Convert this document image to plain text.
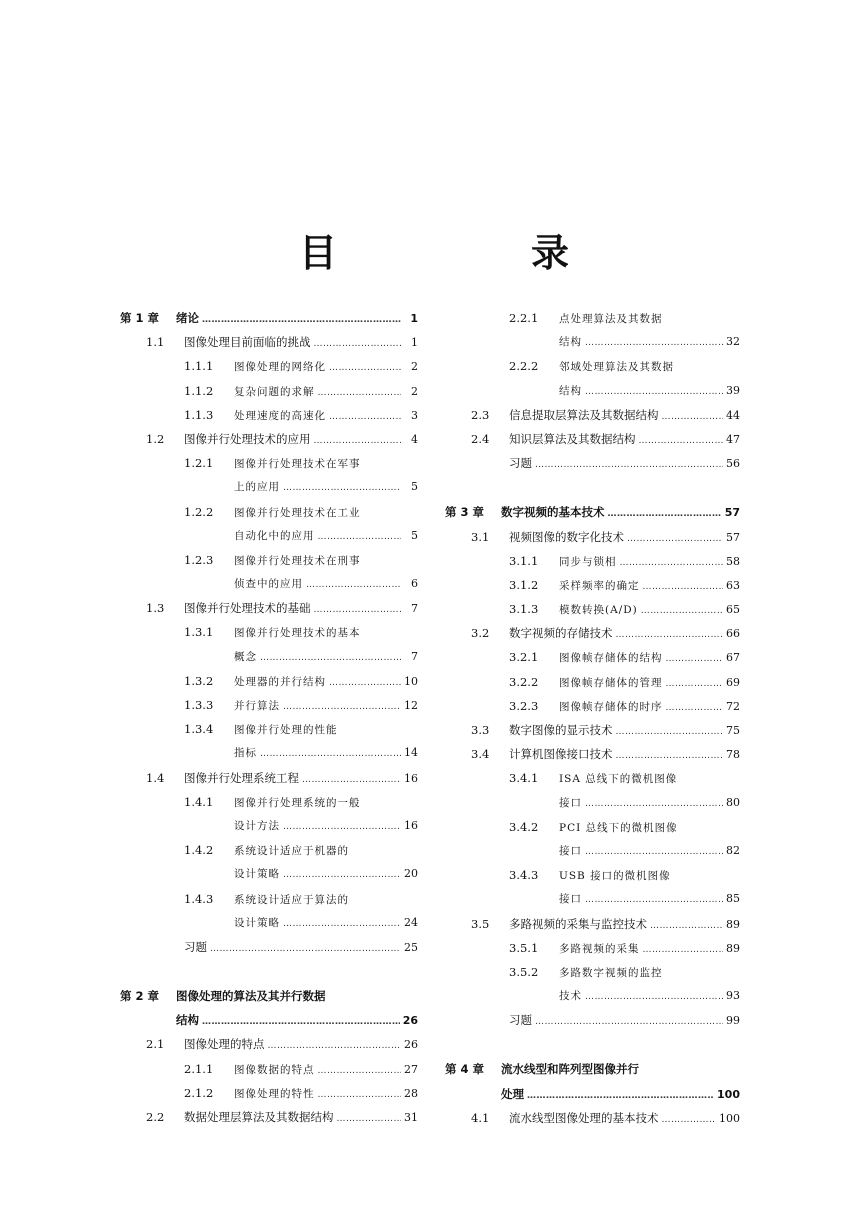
目　录
第 1 章	绪论 ……………………………………………………………………………………………………………………	1
1.1	图像处理目前面临的挑战 ……………………………………………………………………………………………………………………	1
1.1.1	图像处理的网络化 ……………………………………………………………………………………………………………………	2
1.1.2	复杂问题的求解 ……………………………………………………………………………………………………………………	2
1.1.3	处理速度的高速化 ……………………………………………………………………………………………………………………	3
1.2	图像并行处理技术的应用 ……………………………………………………………………………………………………………………	4
1.2.1	图像并行处理技术在军事
上的应用 ……………………………………………………………………………………………………………………	5
1.2.2	图像并行处理技术在工业
自动化中的应用 ……………………………………………………………………………………………………………………	5
1.2.3	图像并行处理技术在刑事
侦查中的应用 ……………………………………………………………………………………………………………………	6
1.3	图像并行处理技术的基础 ……………………………………………………………………………………………………………………	7
1.3.1	图像并行处理技术的基本
概念 ……………………………………………………………………………………………………………………	7
1.3.2	处理器的并行结构 ……………………………………………………………………………………………………………………	10
1.3.3	并行算法 ……………………………………………………………………………………………………………………	12
1.3.4	图像并行处理的性能
指标 ……………………………………………………………………………………………………………………	14
1.4	图像并行处理系统工程 ……………………………………………………………………………………………………………………	16
1.4.1	图像并行处理系统的一般
设计方法 ……………………………………………………………………………………………………………………	16
1.4.2	系统设计适应于机器的
设计策略 ……………………………………………………………………………………………………………………	20
1.4.3	系统设计适应于算法的
设计策略 ……………………………………………………………………………………………………………………	24
习题 ……………………………………………………………………………………………………………………	25
第 2 章	图像处理的算法及其并行数据
结构 ……………………………………………………………………………………………………………………	26
2.1	图像处理的特点 ……………………………………………………………………………………………………………………	26
2.1.1	图像数据的特点 ……………………………………………………………………………………………………………………	27
2.1.2	图像处理的特性 ……………………………………………………………………………………………………………………	28
2.2	数据处理层算法及其数据结构 ……………………………………………………………………………………………………………………	31
2.2.1	点处理算法及其数据
结构 ……………………………………………………………………………………………………………………	32
2.2.2	邻域处理算法及其数据
结构 ……………………………………………………………………………………………………………………	39
2.3	信息提取层算法及其数据结构 ……………………………………………………………………………………………………………………	44
2.4	知识层算法及其数据结构 ……………………………………………………………………………………………………………………	47
习题 ……………………………………………………………………………………………………………………	56
第 3 章	数字视频的基本技术 ……………………………………………………………………………………………………………………	57
3.1	视频图像的数字化技术 ……………………………………………………………………………………………………………………	57
3.1.1	同步与锁相 ……………………………………………………………………………………………………………………	58
3.1.2	采样频率的确定 ……………………………………………………………………………………………………………………	63
3.1.3	模数转换(A/D) ……………………………………………………………………………………………………………………	65
3.2	数字视频的存储技术 ……………………………………………………………………………………………………………………	66
3.2.1	图像帧存储体的结构 ……………………………………………………………………………………………………………………	67
3.2.2	图像帧存储体的管理 ……………………………………………………………………………………………………………………	69
3.2.3	图像帧存储体的时序 ……………………………………………………………………………………………………………………	72
3.3	数字图像的显示技术 ……………………………………………………………………………………………………………………	75
3.4	计算机图像接口技术 ……………………………………………………………………………………………………………………	78
3.4.1	ISA 总线下的微机图像
接口 ……………………………………………………………………………………………………………………	80
3.4.2	PCI 总线下的微机图像
接口 ……………………………………………………………………………………………………………………	82
3.4.3	USB 接口的微机图像
接口 ……………………………………………………………………………………………………………………	85
3.5	多路视频的采集与监控技术 ……………………………………………………………………………………………………………………	89
3.5.1	多路视频的采集 ……………………………………………………………………………………………………………………	89
3.5.2	多路数字视频的监控
技术 ……………………………………………………………………………………………………………………	93
习题 ……………………………………………………………………………………………………………………	99
第 4 章	流水线型和阵列型图像并行
处理 ……………………………………………………………………………………………………………………	100
4.1	流水线型图像处理的基本技术 ……………………………………………………………………………………………………………………	100
